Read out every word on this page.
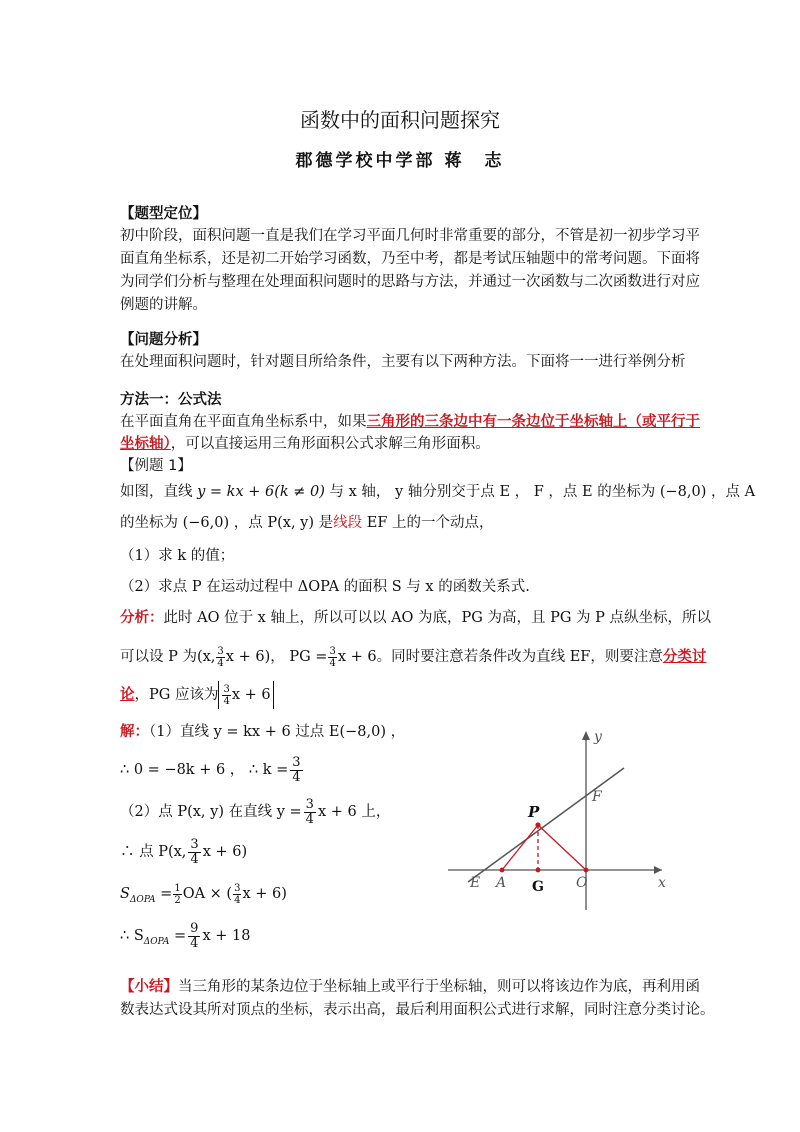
函数中的面积问题探究
郡德学校中学部 蒋　志
【题型定位】
初中阶段，面积问题一直是我们在学习平面几何时非常重要的部分，不管是初一初步学习平
面直角坐标系，还是初二开始学习函数，乃至中考，都是考试压轴题中的常考问题。下面将
为同学们分析与整理在处理面积问题时的思路与方法，并通过一次函数与二次函数进行对应
例题的讲解。
【问题分析】
在处理面积问题时，针对题目所给条件，主要有以下两种方法。下面将一一进行举例分析
方法一：公式法
在平面直角在平面直角坐标系中，如果三角形的三条边中有一条边位于坐标轴上（或平行于
坐标轴），可以直接运用三角形面积公式求解三角形面积。
【例题 1】
如图，直线 y = kx + 6(k ≠ 0) 与 x 轴， y 轴分别交于点 E ， F ，点 E 的坐标为 (−8,0) ，点 A
的坐标为 (−6,0) ，点 P(x, y) 是线段 EF 上的一个动点，
（1）求 k 的值；
（2）求点 P 在运动过程中 ΔOPA 的面积 S 与 x 的函数关系式.
分析：此时 AO 位于 x 轴上，所以可以以 AO 为底，PG 为高，且 PG 为 P 点纵坐标，所以
可以设 P 为(x, $\frac{3}{4}$ x + 6)， PG = $\frac{3}{4}$ x + 6。同时要注意若条件改为直线 EF，则要注意分类讨
论，PG 应该为 $\frac{3}{4}$ x + 6
解：（1）直线 y = kx + 6 过点 E(−8,0) ，
∴ 0 = −8k + 6 ， ∴ $k = \frac{3}{4}$
（2）点 P(x, y) 在直线 $y = \frac{3}{4}$ x + 6 上，
∴ 点 P(x, $\frac{3}{4}$ x + 6)
$S_{\Delta OPA} = \frac{1}{2}$ OA × ( $\frac{3}{4}$ x + 6)
∴ $S_{\Delta OPA} = \frac{9}{4}$ x + 18
y
x
F
P
E A G O
【小结】当三角形的某条边位于坐标轴上或平行于坐标轴，则可以将该边作为底，再利用函
数表达式设其所对顶点的坐标，表示出高，最后利用面积公式进行求解，同时注意分类讨论。
